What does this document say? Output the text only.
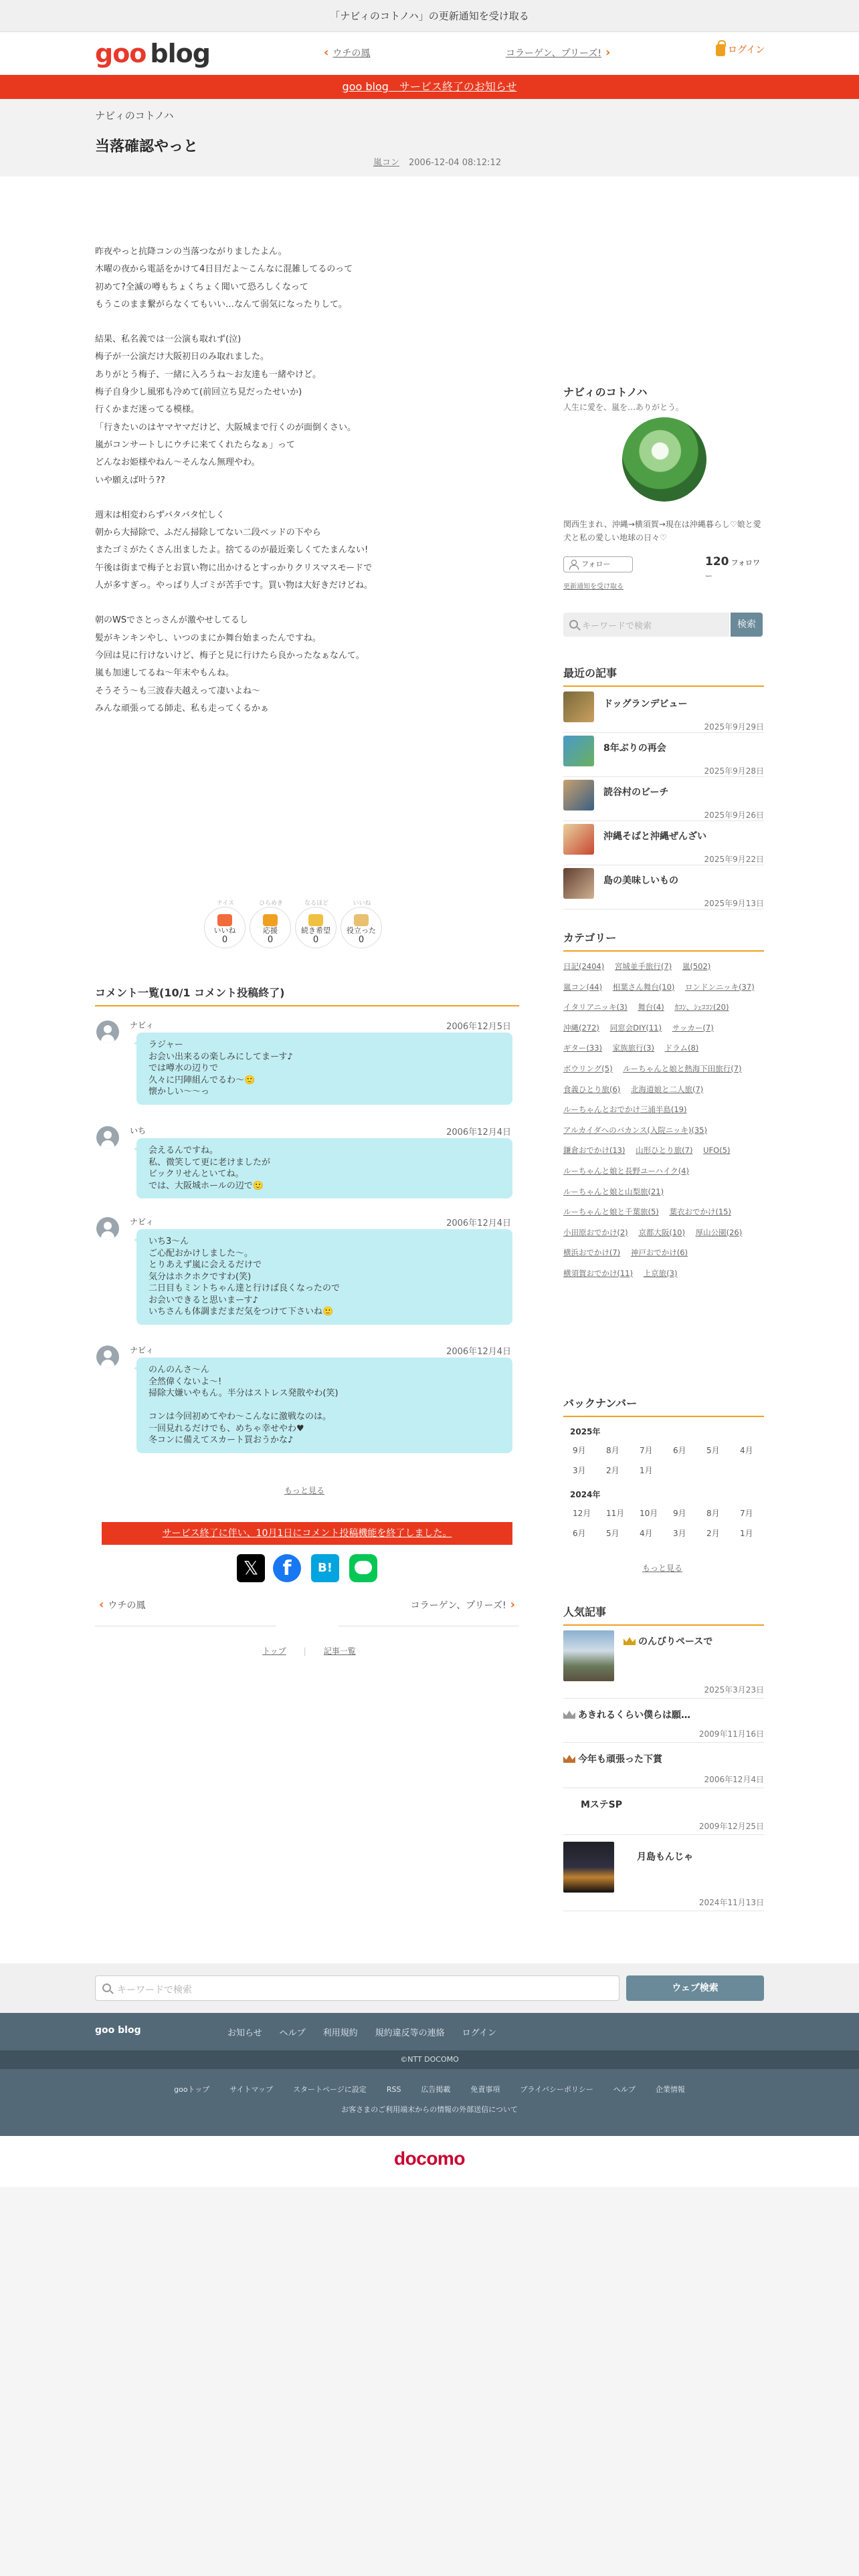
「ナビィのコトノハ」の更新通知を受け取る
goo blog	‹ ウチの鳳	コラーゲン、プリーズ! ›	ログイン
goo blog　サービス終了のお知らせ
ナビィのコトノハ
当落確認やっと
嵐コン 2006-12-04 08:12:12

昨夜やっと抗降コンの当落つながりましたよん。

木曜の夜から電話をかけて4日目だよ〜こんなに混雑してるのって

初めて?全滅の噂もちょくちょく聞いて恐ろしくなって

もうこのまま繋がらなくてもいい…なんて弱気になったりして。

結果、私名義では一公演も取れず(泣)

梅子が一公演だけ大阪初日のみ取れました。

ありがとう梅子、一緒に入ろうね〜お友達も一緒やけど。

梅子自身少し風邪も冷めて(前回立ち見だったせいか)

行くかまだ迷ってる模様。

「行きたいのはヤマヤマだけど、大阪城まで行くのが面倒くさい。

嵐がコンサートしにウチに来てくれたらなぁ」って

どんなお姫様やねん〜そんなん無理やわ。

いや願えば叶う??

週末は相変わらずバタバタ忙しく

朝から大掃除で、ふだん掃除してない二段ベッドの下やら

またゴミがたくさん出ましたよ。捨てるのが最近楽しくてたまんない!

午後は街まで梅子とお買い物に出かけるとすっかりクリスマスモードで

人が多すぎっ。やっぱり人ゴミが苦手です。買い物は大好きだけどね。

朝のWSでさとっさんが激やせしてるし

髪がキンキンやし、いつのまにか舞台始まったんですね。

今回は見に行けないけど、梅子と見に行けたら良かったなぁなんて。

嵐も加速してるね〜年末やもんね。

そうそう〜も三波春夫越えって凄いよね〜

みんな頑張ってる師走、私も走ってくるかぁ

ナイス
いいね
0
ひらめき
応援
0
なるほど
続き希望
0
いいね
役立った
0
コメント一覧(10/1 コメント投稿終了)
ナビィ	2006年12月5日
ラジャー
お会い出来るの楽しみにしてまーす♪
では噂水の辺りで
久々に円陣組んでるわ〜🙂
懐かしい〜〜っ
いち	2006年12月4日
会えるんですね。
私、微笑して更に老けましたが
ビックリせんといてね。
では、大阪城ホールの辺で🙂
ナビィ	2006年12月4日
いち3〜ん
ご心配おかけしました〜。
とりあえず嵐に会えるだけで
気分はホクホクですわ(笑)
二日目もミントちゃん達と行けば良くなったので
お会いできると思いまーす♪
いちさんも体調まだまだ気をつけて下さいね🙂
ナビィ	2006年12月4日
のんのんさ〜ん
全然偉くないよ〜!
掃除大嫌いやもん。半分はストレス発散やわ(笑)
コンは今回初めてやわ〜こんなに激戦なのは。
一回見れるだけでも、めちゃ幸せやわ♥
冬コンに備えてスカート買おうかな♪
もっと見る
サービス終了に伴い、10月1日にコメント投稿機能を終了しました。
𝕏
f
B!
‹ ウチの鳳	コラーゲン、プリーズ! ›
トップ | 記事一覧
ナビィのコトノハ
人生に愛を、嵐を…ありがとう。
関西生まれ、沖縄→横須賀→現在は沖縄暮らし♡娘と愛犬と私の愛しい地球の日々♡
フォロー	120 フォロワー
更新通知を受け取る
キーワードで検索	検索
最近の記事
ドッグランデビュー
2025年9月29日
8年ぶりの再会
2025年9月28日
読谷村のビーチ
2025年9月26日
沖縄そばと沖縄ぜんざい
2025年9月22日
島の美味しいもの
2025年9月13日
カテゴリー
日記(2404) 宮城並手旅行(7) 嵐(502) 嵐コン(44) 相葉さん舞台(10) ロンドンニッキ(37) イタリアニッキ(3) 舞台(4) ｶｺﾝ、ｼｪｺｺﾝ(20) 沖縄(272) 同窓会DIY(11) サッカー(7) ギター(33) 家族旅行(3) ドラム(8) ボウリング(5) ルーちゃんと娘と熱海下田旅行(7) 食義ひとり旅(6) 北海道娘と二人旅(7) ルーちゃんとおでかけ三浦半島(19) アルカイダへのバカンス(入院ニッキ)(35) 鎌倉おでかけ(13) 山形ひとり旅(7) UFO(5) ルーちゃんと娘と長野ユーハイク(4) ルーちゃんと娘と山梨旅(21) ルーちゃんと娘と千葉旅(5) 葉衣おでかけ(15) 小田原おでかけ(2) 京都大阪(10) 厚山公園(26) 横浜おでかけ(7) 神戸おでかけ(6) 横須賀おでかけ(11) 上京旅(3)
バックナンバー
2025年
9月	8月	7月	6月	5月	4月
3月	2月	1月
2024年
12月 11月 10月 9月	8月	7月
6月	5月	4月	3月	2月	1月
もっと見る
人気記事
のんびりペースで
2025年3月23日
あきれるくらい僕らは願…
2009年11月16日
今年も頑張った下賞
2006年12月4日
MステSP
2009年12月25日
月島もんじゃ
2024年11月13日
キーワードで検索	ウェブ検索
goo blog	お知らせ ヘルプ 利用規約 規約違反等の連絡 ログイン
©NTT DOCOMO
gooトップ	サイトマップ	スタートページに設定	RSS	広告掲載	免責事項	プライバシーポリシー	ヘルプ	企業情報
お客さまのご利用端末からの情報の外部送信について
docomo
